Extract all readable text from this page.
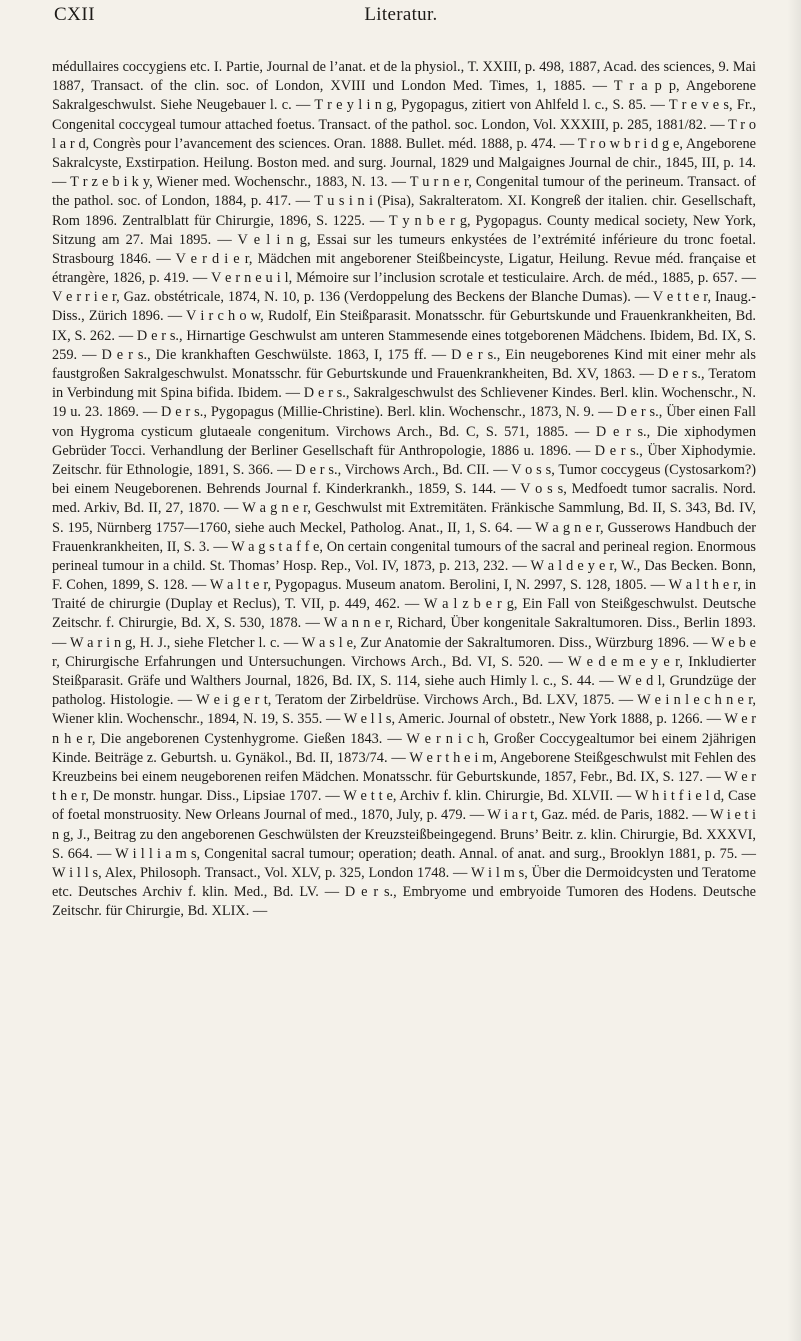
CXII	Literatur.
médullaires coccygiens etc. I. Partie, Journal de l’anat. et de la physiol., T. XXIII, p. 498, 1887, Acad. des sciences, 9. Mai 1887, Transact. of the clin. soc. of London, XVIII und London Med. Times, 1, 1885. — T r a p p, Angeborene Sakralgeschwulst. Siehe Neugebauer l. c. — T r e y l i n g, Pygopagus, zitiert von Ahlfeld l. c., S. 85. — T r e v e s, Fr., Congenital coccygeal tumour attached foetus. Transact. of the pathol. soc. London, Vol. XXXIII, p. 285, 1881/82. — T r o l a r d, Congrès pour l’avancement des sciences. Oran. 1888. Bullet. méd. 1888, p. 474. — T r o w b r i d g e, Angeborene Sakralcyste, Exstirpation. Heilung. Boston med. and surg. Journal, 1829 und Malgaignes Journal de chir., 1845, III, p. 14. — T r z e b i k y, Wiener med. Wochenschr., 1883, N. 13. — T u r n e r, Congenital tumour of the perineum. Transact. of the pathol. soc. of London, 1884, p. 417. — T u s i n i (Pisa), Sakralteratom. XI. Kongreß der italien. chir. Gesellschaft, Rom 1896. Zentralblatt für Chirurgie, 1896, S. 1225. — T y n b e r g, Pygopagus. County medical society, New York, Sitzung am 27. Mai 1895. — V e l i n g, Essai sur les tumeurs enkystées de l’extrémité inférieure du tronc foetal. Strasbourg 1846. — V e r d i e r, Mädchen mit angeborener Steißbeincyste, Ligatur, Heilung. Revue méd. française et étrangère, 1826, p. 419. — V e r n e u i l, Mémoire sur l’inclusion scrotale et testiculaire. Arch. de méd., 1885, p. 657. — V e r r i e r, Gaz. obstétricale, 1874, N. 10, p. 136 (Verdoppelung des Beckens der Blanche Dumas). — V e t t e r, Inaug.-Diss., Zürich 1896. — V i r c h o w, Rudolf, Ein Steißparasit. Monatsschr. für Geburtskunde und Frauenkrankheiten, Bd. IX, S. 262. — D e r s., Hirnartige Geschwulst am unteren Stammesende eines totgeborenen Mädchens. Ibidem, Bd. IX, S. 259. — D e r s., Die krankhaften Geschwülste. 1863, I, 175 ff. — D e r s., Ein neugeborenes Kind mit einer mehr als faustgroßen Sakralgeschwulst. Monatsschr. für Geburtskunde und Frauenkrankheiten, Bd. XV, 1863. — D e r s., Teratom in Verbindung mit Spina bifida. Ibidem. — D e r s., Sakralgeschwulst des Schlievener Kindes. Berl. klin. Wochenschr., N. 19 u. 23. 1869. — D e r s., Pygopagus (Millie-Christine). Berl. klin. Wochenschr., 1873, N. 9. — D e r s., Über einen Fall von Hygroma cysticum glutaeale congenitum. Virchows Arch., Bd. C, S. 571, 1885. — D e r s., Die xiphodymen Gebrüder Tocci. Verhandlung der Berliner Gesellschaft für Anthropologie, 1886 u. 1896. — D e r s., Über Xiphodymie. Zeitschr. für Ethnologie, 1891, S. 366. — D e r s., Virchows Arch., Bd. CII. — V o s s, Tumor coccygeus (Cystosarkom?) bei einem Neugeborenen. Behrends Journal f. Kinderkrankh., 1859, S. 144. — V o s s, Medfoedt tumor sacralis. Nord. med. Arkiv, Bd. II, 27, 1870. — W a g n e r, Geschwulst mit Extremitäten. Fränkische Sammlung, Bd. II, S. 343, Bd. IV, S. 195, Nürnberg 1757—1760, siehe auch Meckel, Patholog. Anat., II, 1, S. 64. — W a g n e r, Gusserows Handbuch der Frauenkrankheiten, II, S. 3. — W a g s t a f f e, On certain congenital tumours of the sacral and perineal region. Enormous perineal tumour in a child. St. Thomas’ Hosp. Rep., Vol. IV, 1873, p. 213, 232. — W a l d e y e r, W., Das Becken. Bonn, F. Cohen, 1899, S. 128. — W a l t e r, Pygopagus. Museum anatom. Berolini, I, N. 2997, S. 128, 1805. — W a l t h e r, in Traité de chirurgie (Duplay et Reclus), T. VII, p. 449, 462. — W a l z b e r g, Ein Fall von Steißgeschwulst. Deutsche Zeitschr. f. Chirurgie, Bd. X, S. 530, 1878. — W a n n e r, Richard, Über kongenitale Sakraltumoren. Diss., Berlin 1893. — W a r i n g, H. J., siehe Fletcher l. c. — W a s l e, Zur Anatomie der Sakraltumoren. Diss., Würzburg 1896. — W e b e r, Chirurgische Erfahrungen und Untersuchungen. Virchows Arch., Bd. VI, S. 520. — W e d e m e y e r, Inkludierter Steißparasit. Gräfe und Walthers Journal, 1826, Bd. IX, S. 114, siehe auch Himly l. c., S. 44. — W e d l, Grundzüge der patholog. Histologie. — W e i g e r t, Teratom der Zirbeldrüse. Virchows Arch., Bd. LXV, 1875. — W e i n l e c h n e r, Wiener klin. Wochenschr., 1894, N. 19, S. 355. — W e l l s, Americ. Journal of obstetr., New York 1888, p. 1266. — W e r n h e r, Die angeborenen Cystenhygrome. Gießen 1843. — W e r n i c h, Großer Coccygealtumor bei einem 2jährigen Kinde. Beiträge z. Geburtsh. u. Gynäkol., Bd. II, 1873/74. — W e r t h e i m, Angeborene Steißgeschwulst mit Fehlen des Kreuzbeins bei einem neugeborenen reifen Mädchen. Monatsschr. für Geburtskunde, 1857, Febr., Bd. IX, S. 127. — W e r t h e r, De monstr. hungar. Diss., Lipsiae 1707. — W e t t e, Archiv f. klin. Chirurgie, Bd. XLVII. — W h i t f i e l d, Case of foetal monstruosity. New Orleans Journal of med., 1870, July, p. 479. — W i a r t, Gaz. méd. de Paris, 1882. — W i e t i n g, J., Beitrag zu den angeborenen Geschwülsten der Kreuzsteißbeingegend. Bruns’ Beitr. z. klin. Chirurgie, Bd. XXXVI, S. 664. — W i l l i a m s, Congenital sacral tumour; operation; death. Annal. of anat. and surg., Brooklyn 1881, p. 75. — W i l l s, Alex, Philosoph. Transact., Vol. XLV, p. 325, London 1748. — W i l m s, Über die Dermoidcysten und Teratome etc. Deutsches Archiv f. klin. Med., Bd. LV. — D e r s., Embryome und embryoide Tumoren des Hodens. Deutsche Zeitschr. für Chirurgie, Bd. XLIX. —
